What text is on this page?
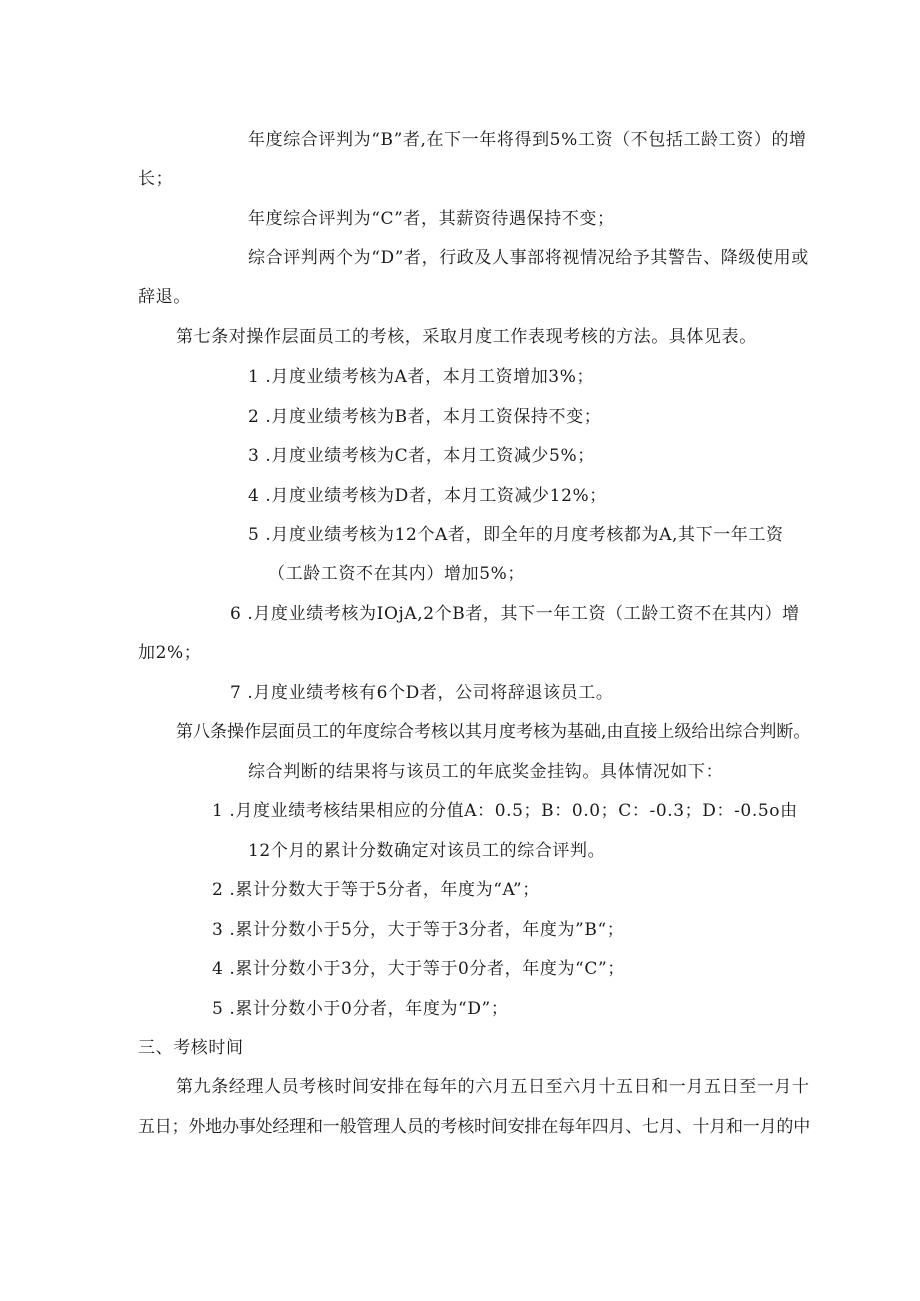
年度综合评判为“B”者,在下一年将得到5%工资（不包括工龄工资）的增
长；
年度综合评判为“C”者，其薪资待遇保持不变；
综合评判两个为“D”者，行政及人事部将视情况给予其警告、降级使用或
辞退。
第七条对操作层面员工的考核，采取月度工作表现考核的方法。具体见表。
1 .月度业绩考核为A者，本月工资增加3%；
2 .月度业绩考核为B者，本月工资保持不变；
3 .月度业绩考核为C者，本月工资减少5%；
4 .月度业绩考核为D者，本月工资减少12%；
5 .月度业绩考核为12个A者，即全年的月度考核都为A,其下一年工资
（工龄工资不在其内）增加5%；
6 .月度业绩考核为IOjA,2个B者，其下一年工资（工龄工资不在其内）增
加2%；
7 .月度业绩考核有6个D者，公司将辞退该员工。
第八条操作层面员工的年度综合考核以其月度考核为基础,由直接上级给出综合判断。
综合判断的结果将与该员工的年底奖金挂钩。具体情况如下：
1 .月度业绩考核结果相应的分值A：0.5；B：0.0；C：-0.3；D：-0.5o由
12个月的累计分数确定对该员工的综合评判。
2 .累计分数大于等于5分者，年度为“A”；
3 .累计分数小于5分，大于等于3分者，年度为”B“；
4 .累计分数小于3分，大于等于0分者，年度为“C”；
5 .累计分数小于0分者，年度为“D”；
三、考核时间
第九条经理人员考核时间安排在每年的六月五日至六月十五日和一月五日至一月十
五日；外地办事处经理和一般管理人员的考核时间安排在每年四月、七月、十月和一月的中
